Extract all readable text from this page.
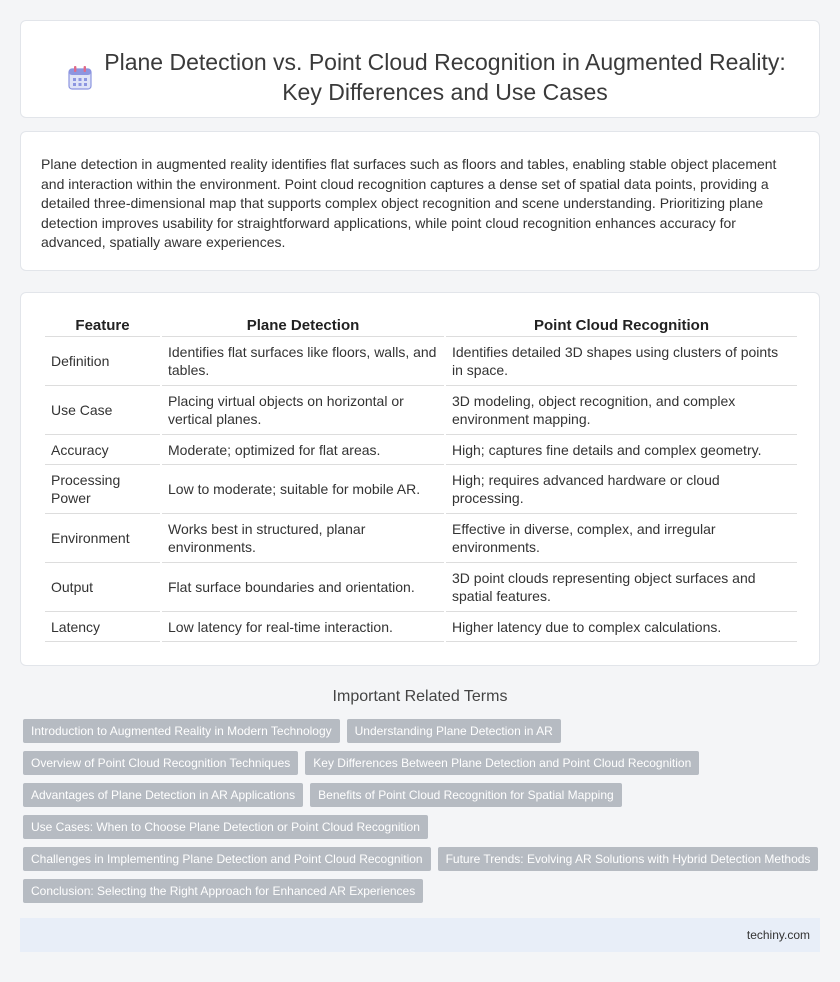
Plane Detection vs. Point Cloud Recognition in Augmented Reality: Key Differences and Use Cases

Plane detection in augmented reality identifies flat surfaces such as floors and tables, enabling stable object placement and interaction within the environment. Point cloud recognition captures a dense set of spatial data points, providing a detailed three-dimensional map that supports complex object recognition and scene understanding. Prioritizing plane detection improves usability for straightforward applications, while point cloud recognition enhances accuracy for advanced, spatially aware experiences.

Feature	Plane Detection	Point Cloud Recognition
Definition	Identifies flat surfaces like floors, walls, and tables.	Identifies detailed 3D shapes using clusters of points in space.
Use Case	Placing virtual objects on horizontal or vertical planes.	3D modeling, object recognition, and complex environment mapping.
Accuracy	Moderate; optimized for flat areas.	High; captures fine details and complex geometry.
Processing Power	Low to moderate; suitable for mobile AR.	High; requires advanced hardware or cloud processing.
Environment	Works best in structured, planar environments.	Effective in diverse, complex, and irregular environments.
Output	Flat surface boundaries and orientation.	3D point clouds representing object surfaces and spatial features.
Latency	Low latency for real-time interaction.	Higher latency due to complex calculations.
Important Related Terms
Introduction to Augmented Reality in Modern Technology	Understanding Plane Detection in AR
Overview of Point Cloud Recognition Techniques	Key Differences Between Plane Detection and Point Cloud Recognition
Advantages of Plane Detection in AR Applications	Benefits of Point Cloud Recognition for Spatial Mapping
Use Cases: When to Choose Plane Detection or Point Cloud Recognition
Challenges in Implementing Plane Detection and Point Cloud Recognition	Future Trends: Evolving AR Solutions with Hybrid Detection Methods
Conclusion: Selecting the Right Approach for Enhanced AR Experiences
techiny.com
